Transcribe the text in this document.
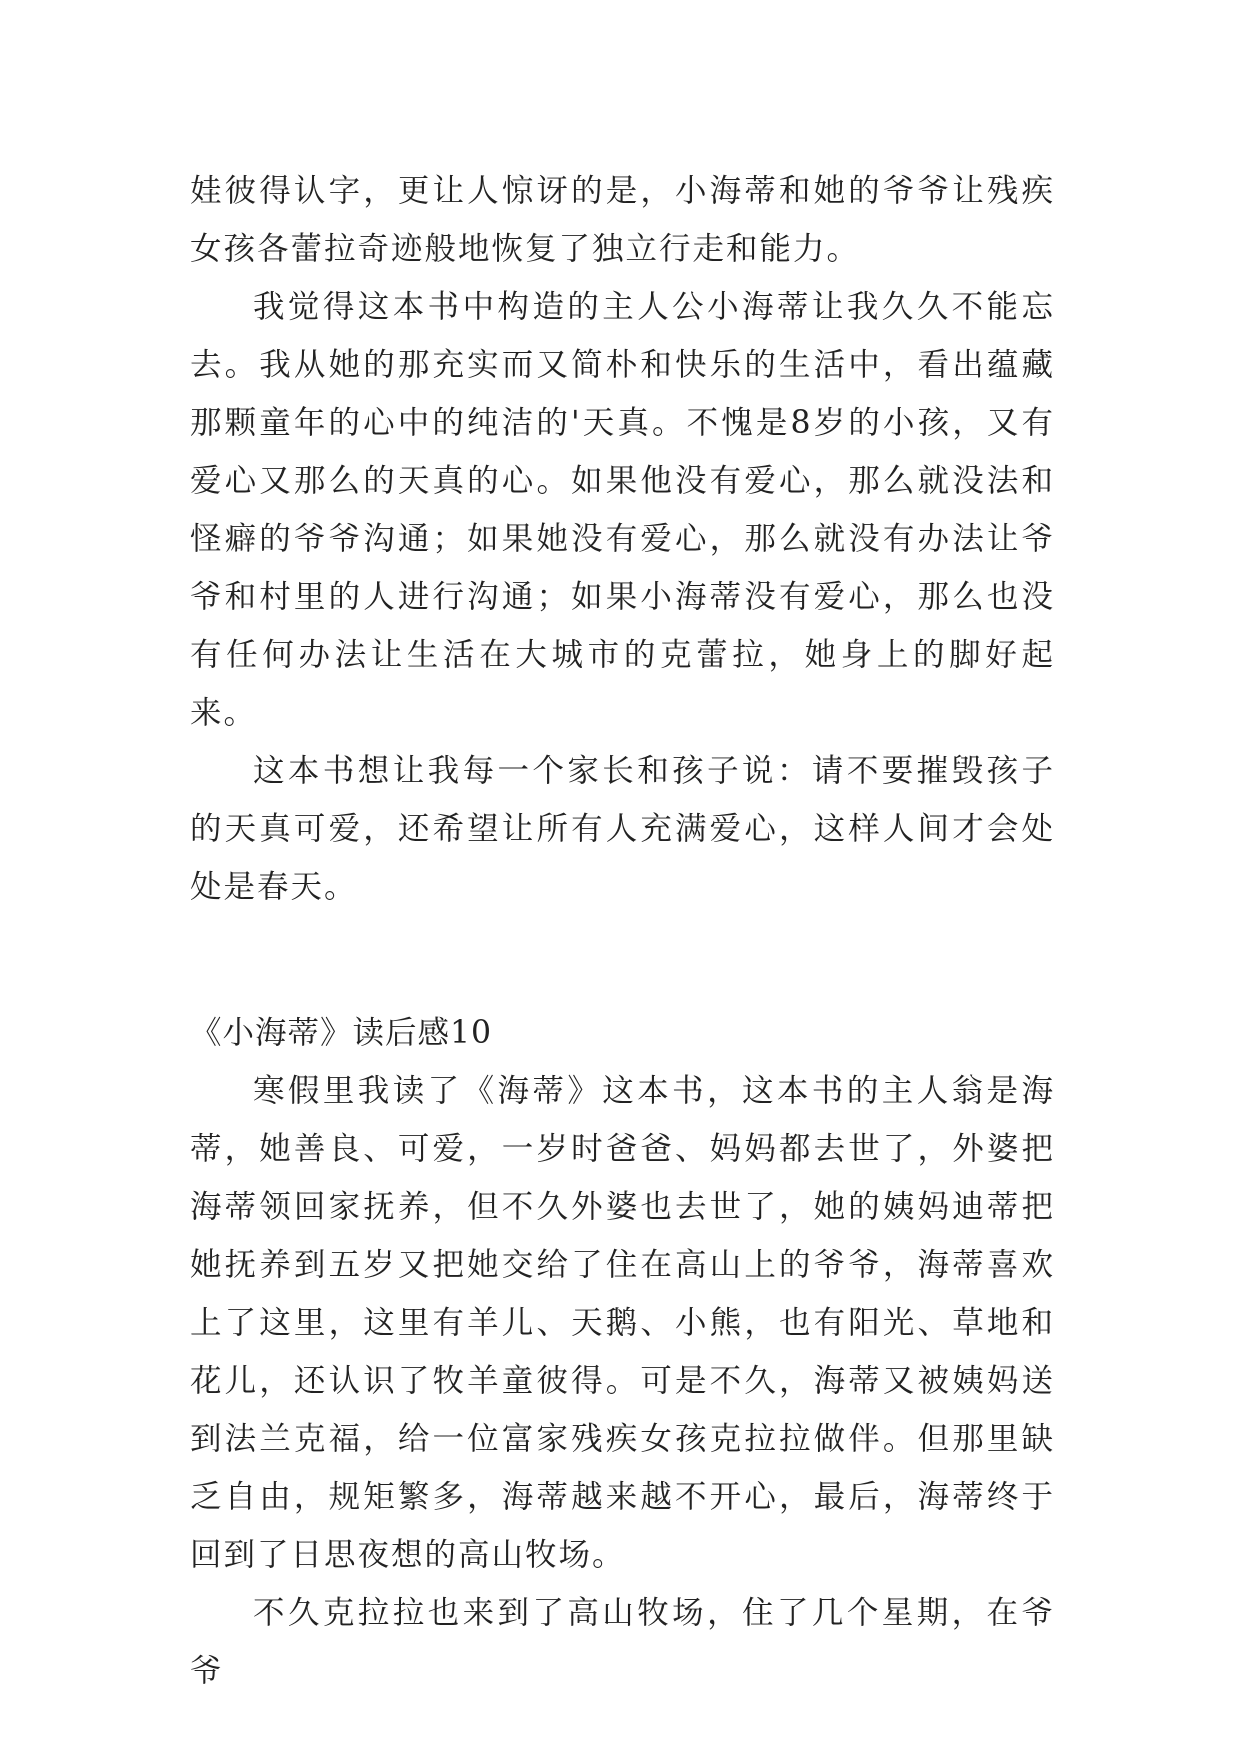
娃彼得认字，更让人惊讶的是，小海蒂和她的爷爷让残疾女孩各蕾拉奇迹般地恢复了独立行走和能力。

我觉得这本书中构造的主人公小海蒂让我久久不能忘去。我从她的那充实而又简朴和快乐的生活中，看出蕴藏那颗童年的心中的纯洁的'天真。不愧是8岁的小孩，又有爱心又那么的天真的心。如果他没有爱心，那么就没法和怪癖的爷爷沟通；如果她没有爱心，那么就没有办法让爷爷和村里的人进行沟通；如果小海蒂没有爱心，那么也没有任何办法让生活在大城市的克蕾拉，她身上的脚好起来。

这本书想让我每一个家长和孩子说：请不要摧毁孩子的天真可爱，还希望让所有人充满爱心，这样人间才会处处是春天。

《小海蒂》读后感10

寒假里我读了《海蒂》这本书，这本书的主人翁是海蒂，她善良、可爱，一岁时爸爸、妈妈都去世了，外婆把海蒂领回家抚养，但不久外婆也去世了，她的姨妈迪蒂把她抚养到五岁又把她交给了住在高山上的爷爷，海蒂喜欢上了这里，这里有羊儿、天鹅、小熊，也有阳光、草地和花儿，还认识了牧羊童彼得。可是不久，海蒂又被姨妈送到法兰克福，给一位富家残疾女孩克拉拉做伴。但那里缺乏自由，规矩繁多，海蒂越来越不开心，最后，海蒂终于回到了日思夜想的高山牧场。

不久克拉拉也来到了高山牧场，住了几个星期，在爷爷
